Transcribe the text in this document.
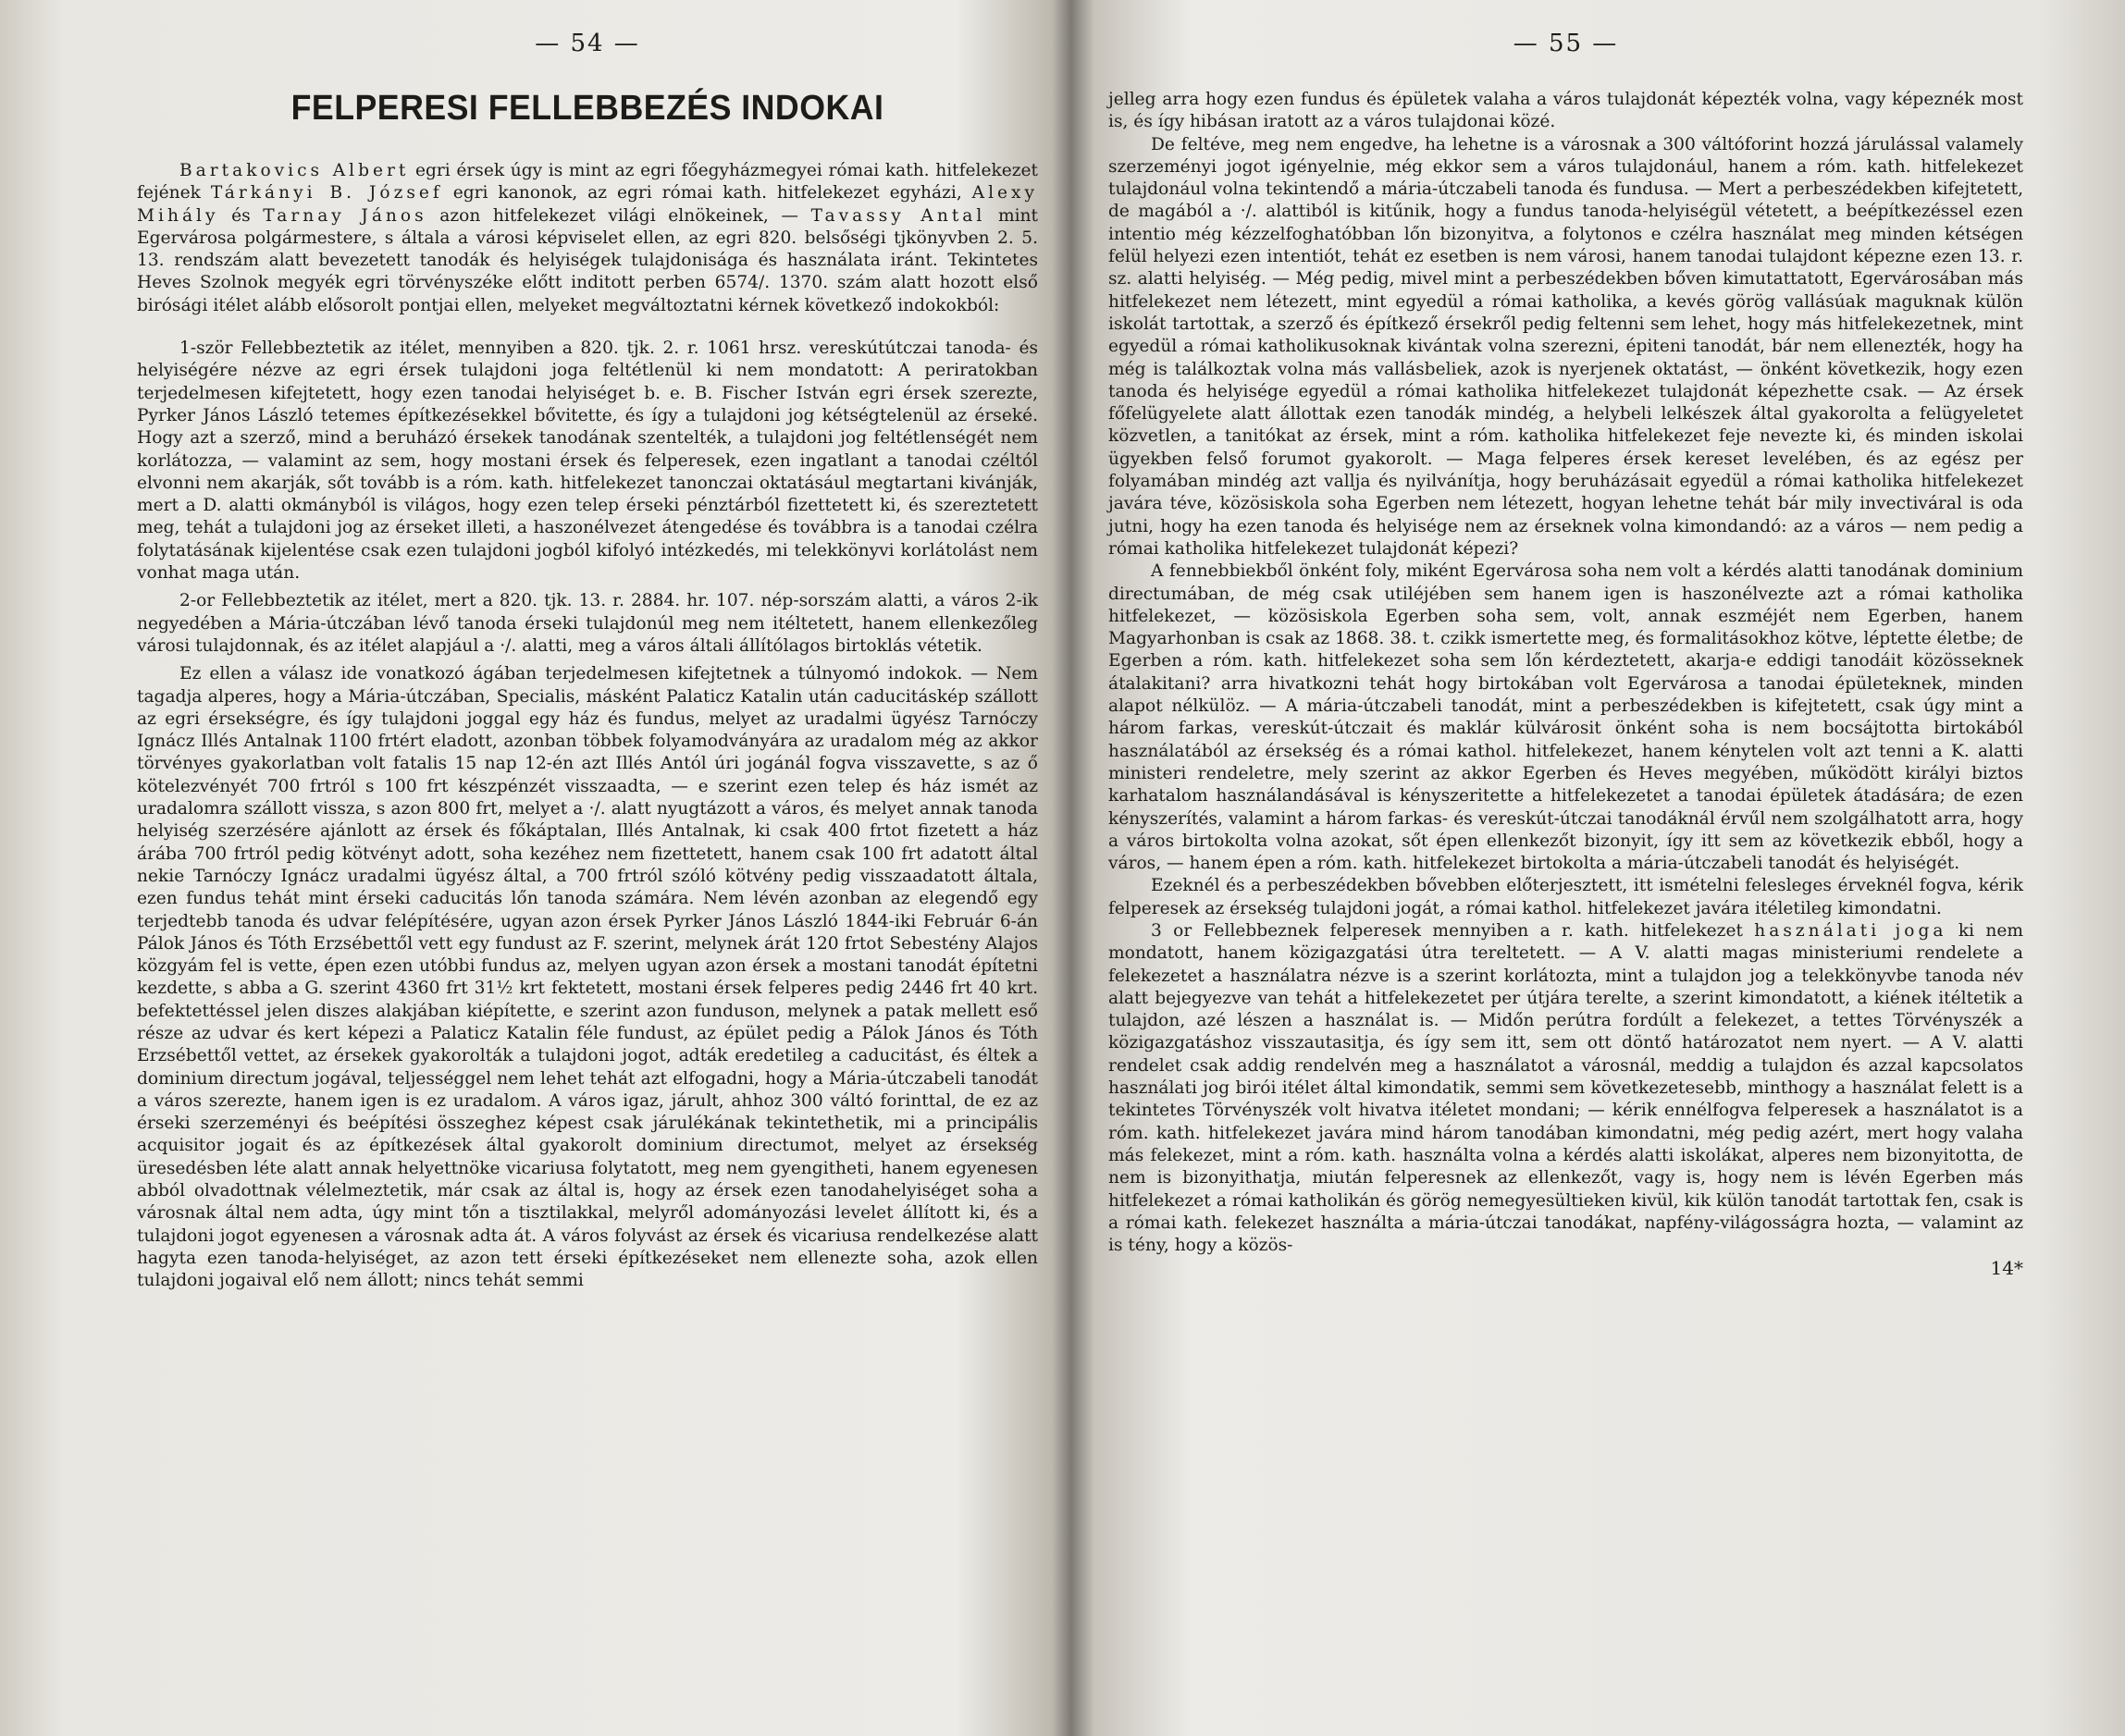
— 54 —
FELPERESI FELLEBBEZÉS INDOKAI

Bartakovics Albert egri érsek úgy is mint az egri főegyházmegyei római kath. hitfelekezet fejének Tárkányi B. József egri kanonok, az egri római kath. hitfelekezet egyházi, Alexy Mihály és Tarnay János azon hitfelekezet világi elnökeinek, — Tavassy Antal mint Egervárosa polgármestere, s általa a városi képviselet ellen, az egri 820. belsőségi tjkönyvben 2. 5. 13. rendszám alatt bevezetett tanodák és helyiségek tulajdonisága és használata iránt. Tekintetes Heves Szolnok megyék egri törvényszéke előtt inditott perben 6574/. 1370. szám alatt hozott első birósági itélet alább elősorolt pontjai ellen, melyeket megváltoztatni kérnek következő indokokból:

1-ször Fellebbeztetik az itélet, mennyiben a 820. tjk. 2. r. 1061 hrsz. vereskútútczai tanoda- és helyiségére nézve az egri érsek tulajdoni joga feltétlenül ki nem mondatott: A periratokban terjedelmesen kifejtetett, hogy ezen tanodai helyiséget b. e. B. Fischer István egri érsek szerezte, Pyrker János László tetemes építkezésekkel bővitette, és így a tulajdoni jog kétségtelenül az érseké. Hogy azt a szerző, mind a beruházó érsekek tanodának szentelték, a tulajdoni jog feltétlenségét nem korlátozza, — valamint az sem, hogy mostani érsek és felperesek, ezen ingatlant a tanodai czéltól elvonni nem akarják, sőt tovább is a róm. kath. hitfelekezet tanonczai oktatásául megtartani kivánják, mert a D. alatti okmányból is világos, hogy ezen telep érseki pénztárból fizettetett ki, és szereztetett meg, tehát a tulajdoni jog az érseket illeti, a haszonélvezet átengedése és továbbra is a tanodai czélra folytatásának kijelentése csak ezen tulajdoni jogból kifolyó intézkedés, mi telekkönyvi korlátolást nem vonhat maga után.

2-or Fellebbeztetik az itélet, mert a 820. tjk. 13. r. 2884. hr. 107. nép-sorszám alatti, a város 2-ik negyedében a Mária-útczában lévő tanoda érseki tulajdonúl meg nem itéltetett, hanem ellenkezőleg városi tulajdonnak, és az itélet alapjául a ·/. alatti, meg a város általi állítólagos birtoklás vétetik.

Ez ellen a válasz ide vonatkozó ágában terjedelmesen kifejtetnek a túlnyomó indokok. — Nem tagadja alperes, hogy a Mária-útczában, Specialis, másként Palaticz Katalin után caducitáskép szállott az egri érsekségre, és így tulajdoni joggal egy ház és fundus, melyet az uradalmi ügyész Tarnóczy Ignácz Illés Antalnak 1100 frtért eladott, azonban többek folyamodványára az uradalom még az akkor törvényes gyakorlatban volt fatalis 15 nap 12-én azt Illés Antól úri jogánál fogva visszavette, s az ő kötelezvényét 700 frtról s 100 frt készpénzét visszaadta, — e szerint ezen telep és ház ismét az uradalomra szállott vissza, s azon 800 frt, melyet a ·/. alatt nyugtázott a város, és melyet annak tanoda helyiség szerzésére ajánlott az érsek és főkáptalan, Illés Antalnak, ki csak 400 frtot fizetett a ház árába 700 frtról pedig kötvényt adott, soha kezéhez nem fizettetett, hanem csak 100 frt adatott által nekie Tarnóczy Ignácz uradalmi ügyész által, a 700 frtról szóló kötvény pedig visszaadatott általa, ezen fundus tehát mint érseki caducitás lőn tanoda számára. Nem lévén azonban az elegendő egy terjedtebb tanoda és udvar felépítésére, ugyan azon érsek Pyrker János László 1844-iki Február 6-án Pálok János és Tóth Erzsébettől vett egy fundust az F. szerint, melynek árát 120 frtot Sebestény Alajos közgyám fel is vette, épen ezen utóbbi fundus az, melyen ugyan azon érsek a mostani tanodát építetni kezdette, s abba a G. szerint 4360 frt 31½ krt fektetett, mostani érsek felperes pedig 2446 frt 40 krt. befektettéssel jelen diszes alakjában kiépítette, e szerint azon funduson, melynek a patak mellett eső része az udvar és kert képezi a Palaticz Katalin féle fundust, az épület pedig a Pálok János és Tóth Erzsébettől vettet, az érsekek gyakorolták a tulajdoni jogot, adták eredetileg a caducitást, és éltek a dominium directum jogával, teljességgel nem lehet tehát azt elfogadni, hogy a Mária-útczabeli tanodát a város szerezte, hanem igen is ez uradalom. A város igaz, járult, ahhoz 300 váltó forinttal, de ez az érseki szerzeményi és beépítési összeghez képest csak járulékának tekintethetik, mi a principális acquisitor jogait és az építkezések által gyakorolt dominium directumot, melyet az érsekség üresedésben léte alatt annak helyettnöke vicariusa folytatott, meg nem gyengitheti, hanem egyenesen abból olvadottnak vélelmeztetik, már csak az által is, hogy az érsek ezen tanodahelyiséget soha a városnak által nem adta, úgy mint tőn a tisztilakkal, melyről adományozási levelet állított ki, és a tulajdoni jogot egyenesen a városnak adta át. A város folyvást az érsek és vicariusa rendelkezése alatt hagyta ezen tanoda-helyiséget, az azon tett érseki építkezéseket nem ellenezte soha, azok ellen tulajdoni jogaival elő nem állott; nincs tehát semmi

— 55 —

jelleg arra hogy ezen fundus és épületek valaha a város tulajdonát képezték volna, vagy képeznék most is, és így hibásan iratott az a város tulajdonai közé.

De feltéve, meg nem engedve, ha lehetne is a városnak a 300 váltóforint hozzá járulással valamely szerzeményi jogot igényelnie, még ekkor sem a város tulajdonául, hanem a róm. kath. hitfelekezet tulajdonául volna tekintendő a mária-útczabeli tanoda és fundusa. — Mert a perbeszédekben kifejtetett, de magából a ·/. alattiból is kitűnik, hogy a fundus tanoda-helyiségül vétetett, a beépítkezéssel ezen intentio még kézzelfoghatóbban lőn bizonyitva, a folytonos e czélra használat meg minden kétségen felül helyezi ezen intentiót, tehát ez esetben is nem városi, hanem tanodai tulajdont képezne ezen 13. r. sz. alatti helyiség. — Még pedig, mivel mint a perbeszédekben bőven kimutattatott, Egervárosában más hitfelekezet nem létezett, mint egyedül a római katholika, a kevés görög vallásúak maguknak külön iskolát tartottak, a szerző és építkező érsekről pedig feltenni sem lehet, hogy más hitfelekezetnek, mint egyedül a római katholikusoknak kivántak volna szerezni, épiteni tanodát, bár nem ellenezték, hogy ha még is találkoztak volna más vallásbeliek, azok is nyerjenek oktatást, — önként következik, hogy ezen tanoda és helyisége egyedül a római katholika hitfelekezet tulajdonát képezhette csak. — Az érsek főfelügyelete alatt állottak ezen tanodák mindég, a helybeli lelkészek által gyakorolta a felügyeletet közvetlen, a tanitókat az érsek, mint a róm. katholika hitfelekezet feje nevezte ki, és minden iskolai ügyekben felső forumot gyakorolt. — Maga felperes érsek kereset levelében, és az egész per folyamában mindég azt vallja és nyilvánítja, hogy beruházásait egyedül a római katholika hitfelekezet javára téve, közösiskola soha Egerben nem létezett, hogyan lehetne tehát bár mily invectiváral is oda jutni, hogy ha ezen tanoda és helyisége nem az érseknek volna kimondandó: az a város — nem pedig a római katholika hitfelekezet tulajdonát képezi?

A fennebbiekből önként foly, miként Egervárosa soha nem volt a kérdés alatti tanodának dominium directumában, de még csak utiléjében sem hanem igen is haszonélvezte azt a római katholika hitfelekezet, — közösiskola Egerben soha sem, volt, annak eszméjét nem Egerben, hanem Magyarhonban is csak az 1868. 38. t. czikk ismertette meg, és formalitásokhoz kötve, léptette életbe; de Egerben a róm. kath. hitfelekezet soha sem lőn kérdeztetett, akarja-e eddigi tanodáit közösseknek átalakitani? arra hivatkozni tehát hogy birtokában volt Egervárosa a tanodai épületeknek, minden alapot nélkülöz. — A mária-útczabeli tanodát, mint a perbeszédekben is kifejtetett, csak úgy mint a három farkas, vereskút-útczait és maklár külvárosit önként soha is nem bocsájtotta birtokából használatából az érsekség és a római kathol. hitfelekezet, hanem kénytelen volt azt tenni a K. alatti ministeri rendeletre, mely szerint az akkor Egerben és Heves megyében, működött királyi biztos karhatalom használandásával is kényszeritette a hitfelekezetet a tanodai épületek átadására; de ezen kényszerítés, valamint a három farkas- és vereskút-útczai tanodáknál érvűl nem szolgálhatott arra, hogy a város birtokolta volna azokat, sőt épen ellenkezőt bizonyit, így itt sem az következik ebből, hogy a város, — hanem épen a róm. kath. hitfelekezet birtokolta a mária-útczabeli tanodát és helyiségét.

Ezeknél és a perbeszédekben bővebben előterjesztett, itt ismételni felesleges érveknél fogva, kérik felperesek az érsekség tulajdoni jogát, a római kathol. hitfelekezet javára itéletileg kimondatni.

3 or Fellebbeznek felperesek mennyiben a r. kath. hitfelekezet használati joga ki nem mondatott, hanem közigazgatási útra tereltetett. — A V. alatti magas ministeriumi rendelete a felekezetet a használatra nézve is a szerint korlátozta, mint a tulajdon jog a telekkönyvbe tanoda név alatt bejegyezve van tehát a hitfelekezetet per útjára terelte, a szerint kimondatott, a kiének itéltetik a tulajdon, azé lészen a használat is. — Midőn perútra fordúlt a felekezet, a tettes Törvényszék a közigazgatáshoz visszautasitja, és így sem itt, sem ott döntő határozatot nem nyert. — A V. alatti rendelet csak addig rendelvén meg a használatot a városnál, meddig a tulajdon és azzal kapcsolatos használati jog birói itélet által kimondatik, semmi sem következetesebb, minthogy a használat felett is a tekintetes Törvényszék volt hivatva itéletet mondani; — kérik ennélfogva felperesek a használatot is a róm. kath. hitfelekezet javára mind három tanodában kimondatni, még pedig azért, mert hogy valaha más felekezet, mint a róm. kath. használta volna a kérdés alatti iskolákat, alperes nem bizonyitotta, de nem is bizonyithatja, miután felperesnek az ellenkezőt, vagy is, hogy nem is lévén Egerben más hitfelekezet a római katholikán és görög nemegyesültieken kivül, kik külön tanodát tartottak fen, csak is a római kath. felekezet használta a mária-útczai tanodákat, napfény-világosságra hozta, — valamint az is tény, hogy a közös-

14*
